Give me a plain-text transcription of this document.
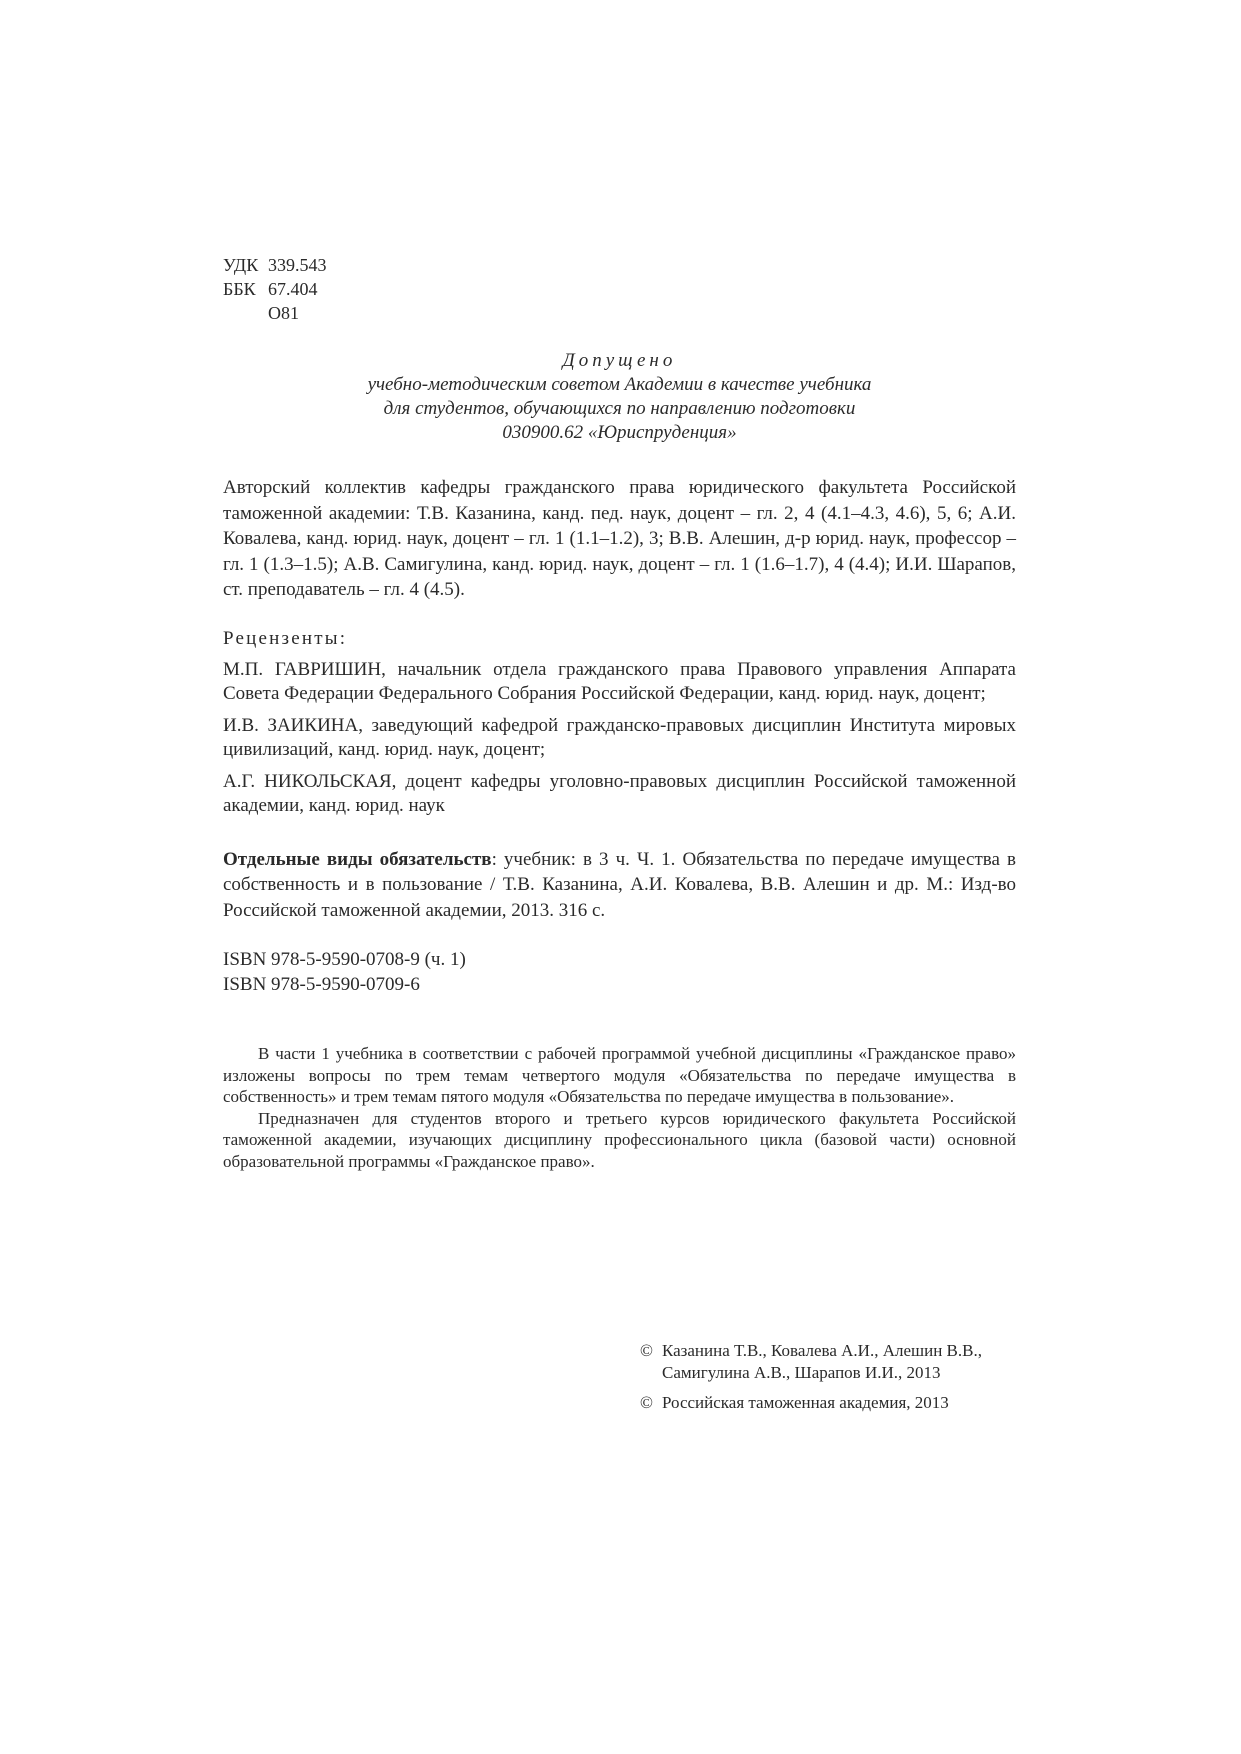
УДК 339.543
ББК 67.404
О81
Допущено
учебно-методическим советом Академии в качестве учебника
для студентов, обучающихся по направлению подготовки
030900.62 «Юриспруденция»
Авторский коллектив кафедры гражданского права юридического факультета Российской таможенной академии: Т.В. Казанина, канд. пед. наук, доцент – гл. 2, 4 (4.1–4.3, 4.6), 5, 6; А.И. Ковалева, канд. юрид. наук, доцент – гл. 1 (1.1–1.2), 3; В.В. Алешин, д-р юрид. наук, профессор – гл. 1 (1.3–1.5); А.В. Самигулина, канд. юрид. наук, доцент – гл. 1 (1.6–1.7), 4 (4.4); И.И. Шарапов, ст. преподаватель – гл. 4 (4.5).
Рецензенты:
М.П. ГАВРИШИН, начальник отдела гражданского права Правового управления Аппарата Совета Федерации Федерального Собрания Российской Федерации, канд. юрид. наук, доцент;
И.В. ЗАИКИНА, заведующий кафедрой гражданско-правовых дисциплин Института мировых цивилизаций, канд. юрид. наук, доцент;
А.Г. НИКОЛЬСКАЯ, доцент кафедры уголовно-правовых дисциплин Российской таможенной академии, канд. юрид. наук
Отдельные виды обязательств: учебник: в 3 ч. Ч. 1. Обязательства по передаче имущества в собственность и в пользование / Т.В. Казанина, А.И. Ковалева, В.В. Алешин и др. М.: Изд-во Российской таможенной академии, 2013. 316 с.
ISBN 978-5-9590-0708-9 (ч. 1)
ISBN 978-5-9590-0709-6

В части 1 учебника в соответствии с рабочей программой учебной дисциплины «Гражданское право» изложены вопросы по трем темам четвертого модуля «Обязательства по передаче имущества в собственность» и трем темам пятого модуля «Обязательства по передаче имущества в пользование».

Предназначен для студентов второго и третьего курсов юридического факультета Российской таможенной академии, изучающих дисциплину профессионального цикла (базовой части) основной образовательной программы «Гражданское право».

© Казанина Т.В., Ковалева А.И., Алешин В.В.,
Самигулина А.В., Шарапов И.И., 2013
© Российская таможенная академия, 2013
